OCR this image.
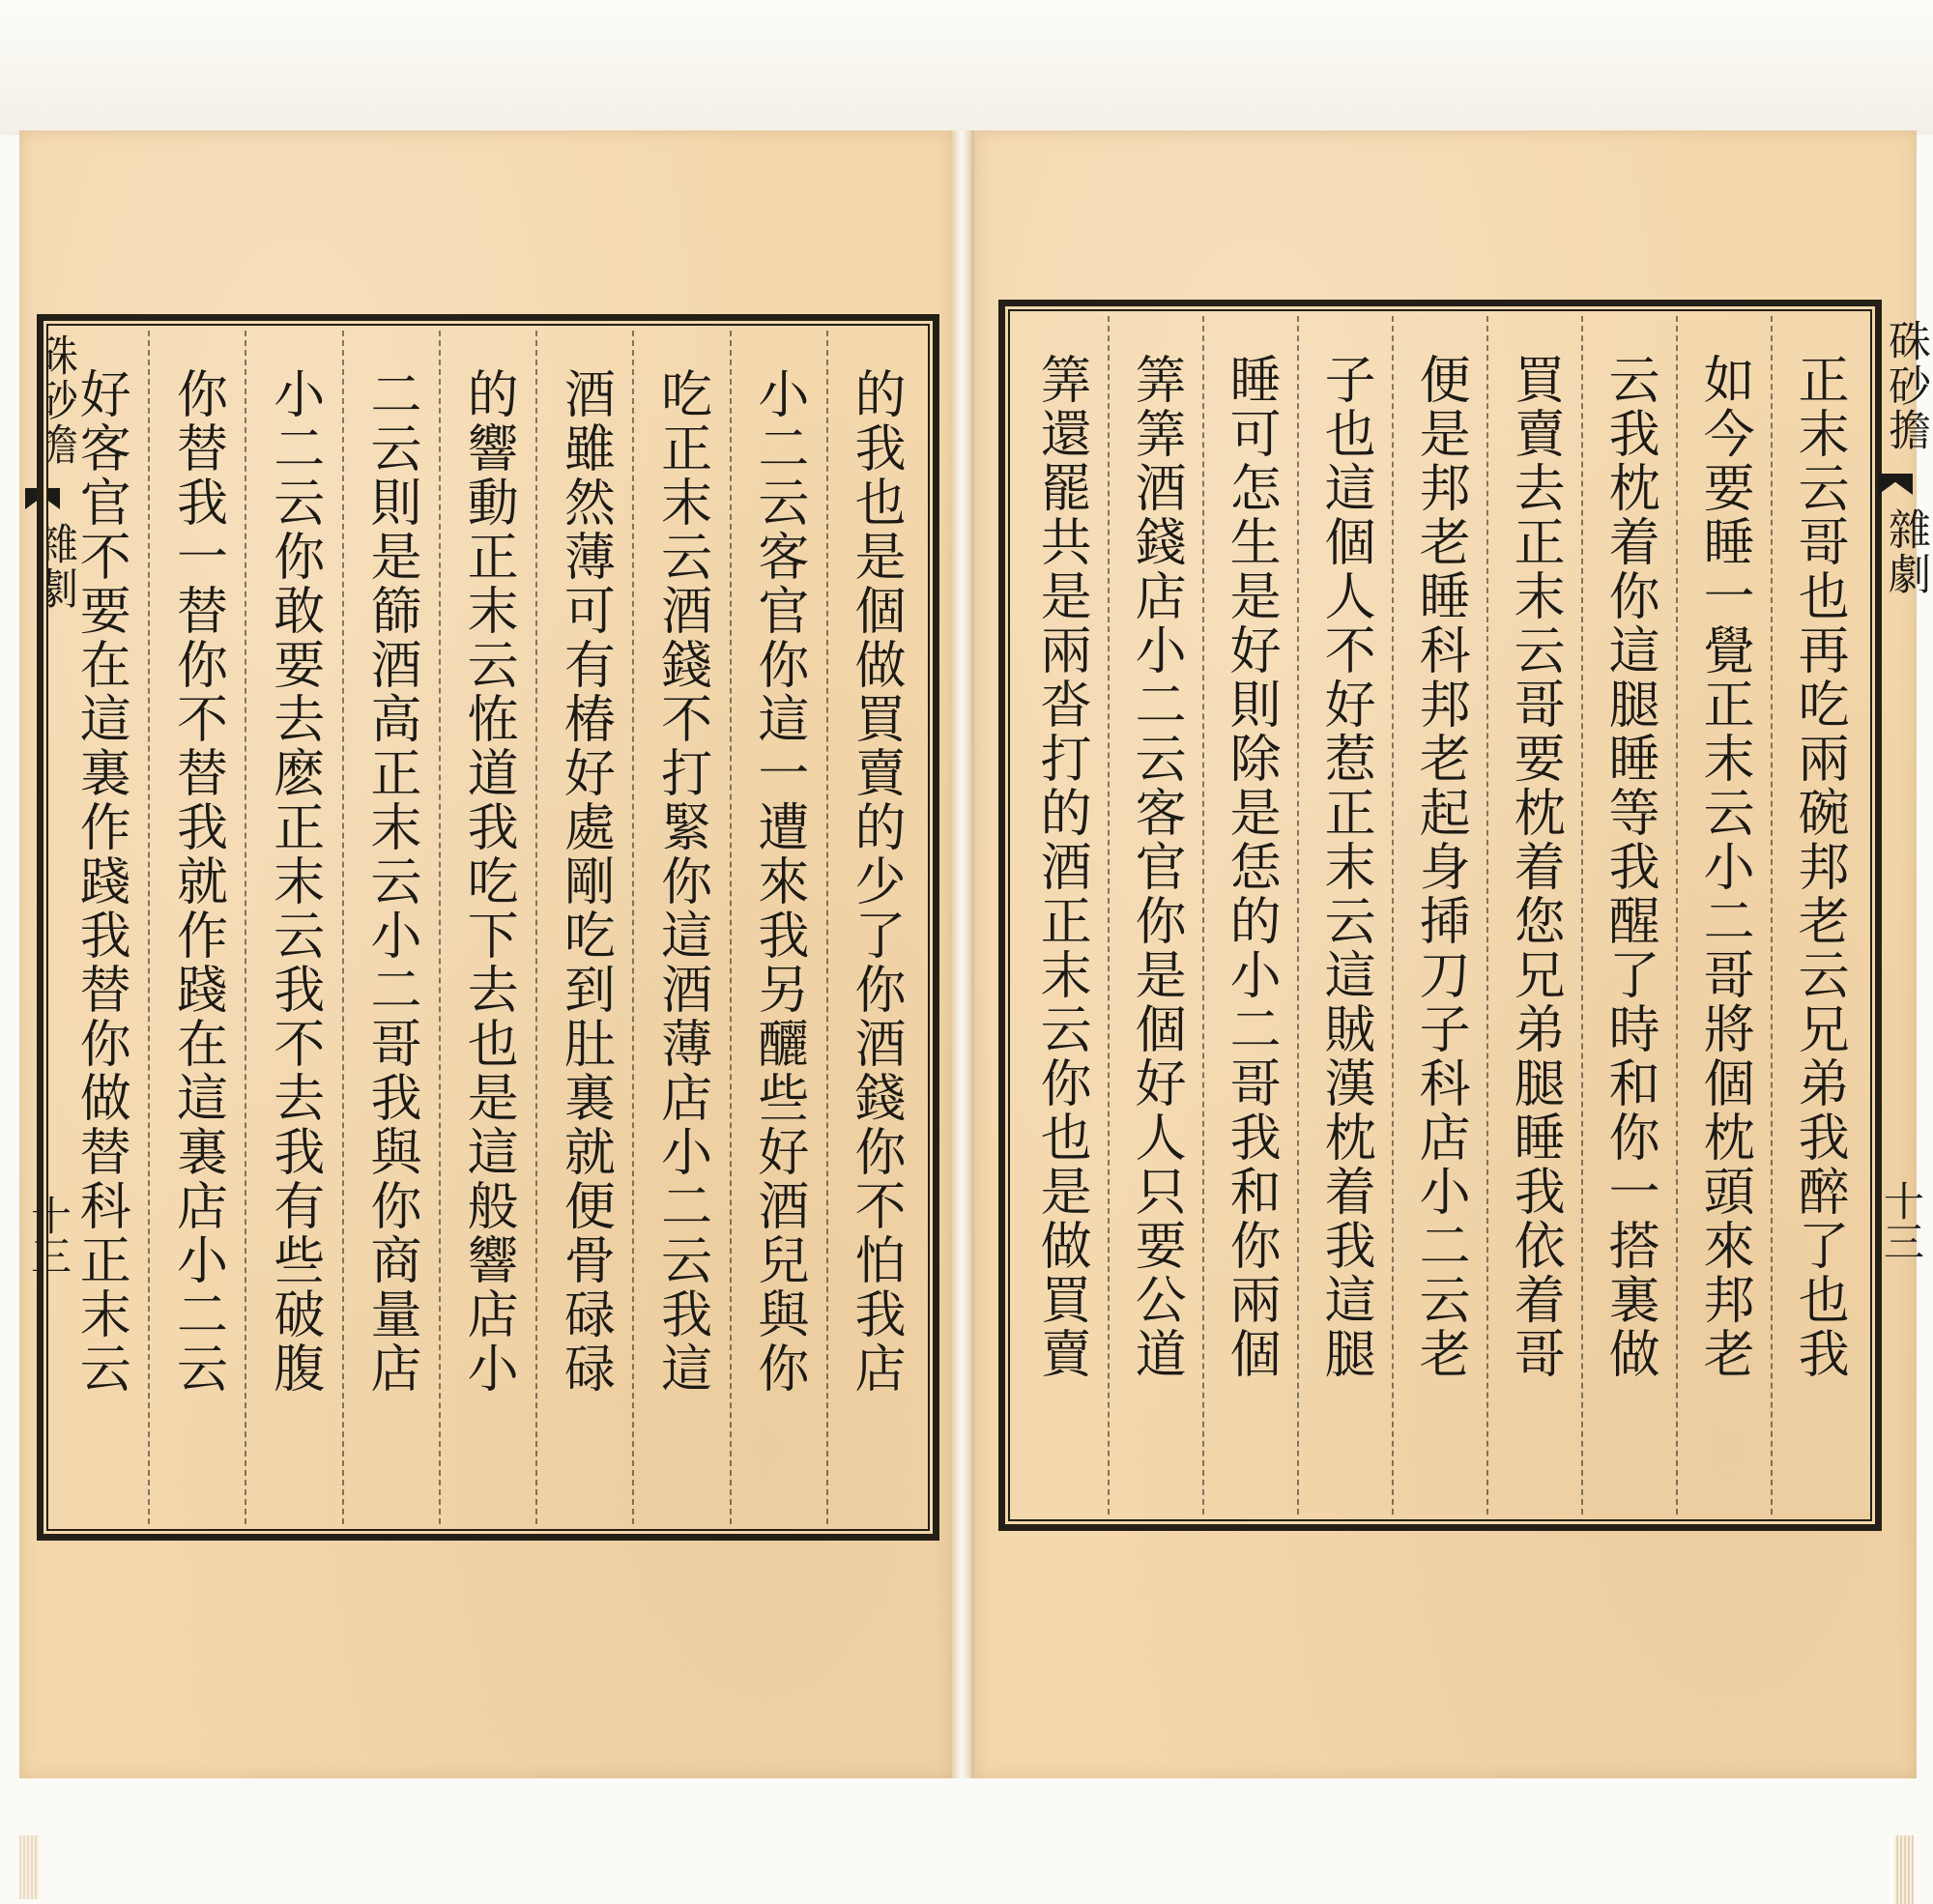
硃砂擔
雜劇
十三	的我也是個做買賣的少了你酒錢你不怕我店
小二云客官你這一遭來我另釃些好酒兒與你
吃正末云酒錢不打緊你這酒薄店小二云我這
酒雖然薄可有椿好處剛吃到肚裏就便骨碌碌
的響動正末云恠道我吃下去也是這般響店小
二云則是篩酒高正末云小二哥我與你商量店
小二云你敢要去麽正末云我不去我有些破腹
你替我一替你不替我就作踐在這裏店小二云
好客官不要在這裏作踐我替你做替科正末云	正末云哥也再吃兩碗邦老云兄弟我醉了也我
如今要睡一覺正末云小二哥將個枕頭來邦老
云我枕着你這腿睡等我醒了時和你一搭裏做
買賣去正末云哥要枕着您兄弟腿睡我依着哥
便是邦老睡科邦老起身揷刀子科店小二云老
子也這個人不好惹正末云這賊漢枕着我這腿
睡可怎生是好則除是恁的小二哥我和你兩個
筭筭酒錢店小二云客官你是個好人只要公道
筭還罷共是兩沓打的酒正末云你也是做買賣	硃砂擔
雜劇
十三
